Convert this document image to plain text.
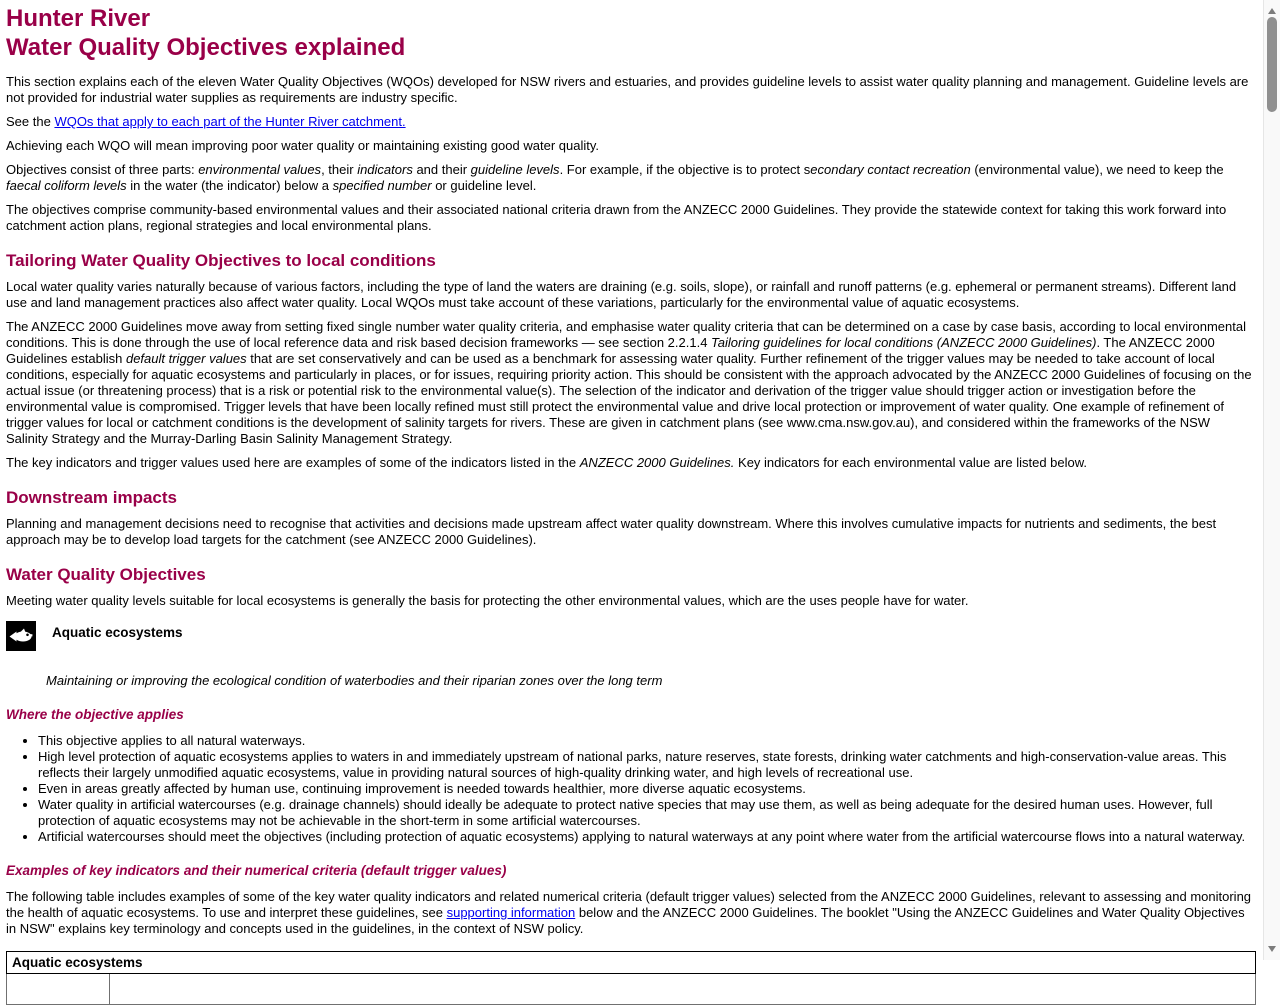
Hunter River
Water Quality Objectives explained

This section explains each of the eleven Water Quality Objectives (WQOs) developed for NSW rivers and estuaries, and provides guideline levels to assist water quality planning and management. Guideline levels are not provided for industrial water supplies as requirements are industry specific.

See the WQOs that apply to each part of the Hunter River catchment.

Achieving each WQO will mean improving poor water quality or maintaining existing good water quality.

Objectives consist of three parts: environmental values, their indicators and their guideline levels. For example, if the objective is to protect secondary contact recreation (environmental value), we need to keep the faecal coliform levels in the water (the indicator) below a specified number or guideline level.

The objectives comprise community-based environmental values and their associated national criteria drawn from the ANZECC 2000 Guidelines. They provide the statewide context for taking this work forward into catchment action plans, regional strategies and local environmental plans.

Tailoring Water Quality Objectives to local conditions

Local water quality varies naturally because of various factors, including the type of land the waters are draining (e.g. soils, slope), or rainfall and runoff patterns (e.g. ephemeral or permanent streams). Different land use and land management practices also affect water quality. Local WQOs must take account of these variations, particularly for the environmental value of aquatic ecosystems.

The ANZECC 2000 Guidelines move away from setting fixed single number water quality criteria, and emphasise water quality criteria that can be determined on a case by case basis, according to local environmental conditions. This is done through the use of local reference data and risk based decision frameworks — see section 2.2.1.4 Tailoring guidelines for local conditions (ANZECC 2000 Guidelines). The ANZECC 2000 Guidelines establish default trigger values that are set conservatively and can be used as a benchmark for assessing water quality. Further refinement of the trigger values may be needed to take account of local conditions, especially for aquatic ecosystems and particularly in places, or for issues, requiring priority action. This should be consistent with the approach advocated by the ANZECC 2000 Guidelines of focusing on the actual issue (or threatening process) that is a risk or potential risk to the environmental value(s). The selection of the indicator and derivation of the trigger value should trigger action or investigation before the environmental value is compromised. Trigger levels that have been locally refined must still protect the environmental value and drive local protection or improvement of water quality. One example of refinement of trigger values for local or catchment conditions is the development of salinity targets for rivers. These are given in catchment plans (see www.cma.nsw.gov.au), and considered within the frameworks of the NSW Salinity Strategy and the Murray-Darling Basin Salinity Management Strategy.

The key indicators and trigger values used here are examples of some of the indicators listed in the ANZECC 2000 Guidelines. Key indicators for each environmental value are listed below.

Downstream impacts

Planning and management decisions need to recognise that activities and decisions made upstream affect water quality downstream. Where this involves cumulative impacts for nutrients and sediments, the best approach may be to develop load targets for the catchment (see ANZECC 2000 Guidelines).

Water Quality Objectives

Meeting water quality levels suitable for local ecosystems is generally the basis for protecting the other environmental values, which are the uses people have for water.

Aquatic ecosystems

Maintaining or improving the ecological condition of waterbodies and their riparian zones over the long term

Where the objective applies
• This objective applies to all natural waterways.
• High level protection of aquatic ecosystems applies to waters in and immediately upstream of national parks, nature reserves, state forests, drinking water catchments and high-conservation-value areas. This reflects their largely unmodified aquatic ecosystems, value in providing natural sources of high-quality drinking water, and high levels of recreational use.
• Even in areas greatly affected by human use, continuing improvement is needed towards healthier, more diverse aquatic ecosystems.
• Water quality in artificial watercourses (e.g. drainage channels) should ideally be adequate to protect native species that may use them, as well as being adequate for the desired human uses. However, full protection of aquatic ecosystems may not be achievable in the short-term in some artificial watercourses.
• Artificial watercourses should meet the objectives (including protection of aquatic ecosystems) applying to natural waterways at any point where water from the artificial watercourse flows into a natural waterway.
Examples of key indicators and their numerical criteria (default trigger values)

The following table includes examples of some of the key water quality indicators and related numerical criteria (default trigger values) selected from the ANZECC 2000 Guidelines, relevant to assessing and monitoring the health of aquatic ecosystems. To use and interpret these guidelines, see supporting information below and the ANZECC 2000 Guidelines. The booklet "Using the ANZECC Guidelines and Water Quality Objectives in NSW" explains key terminology and concepts used in the guidelines, in the context of NSW policy.

Aquatic ecosystems
